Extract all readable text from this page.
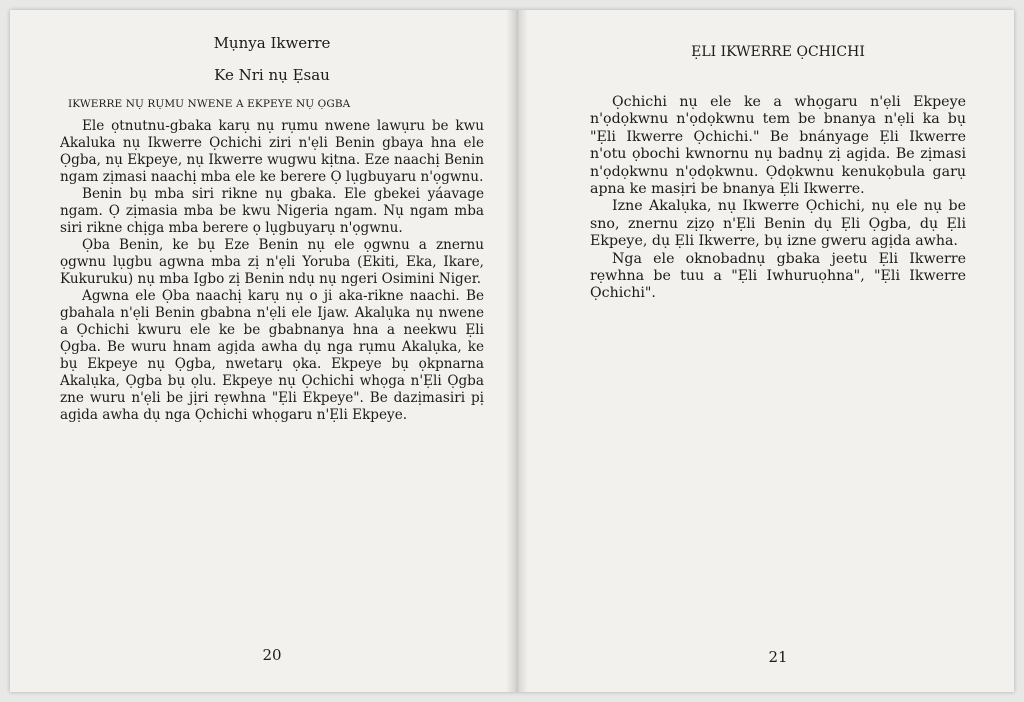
Mụnya Ikwerre
Ke Nri nụ Ẹsau
IKWERRE NỤ RỤMU NWENE A EKPEYE NỤ ỌGBA

Ele ọtnutnu-gbaka karụ nụ rụmu nwene lawụru be kwu Akaluka nụ Ikwerre Ọchichi ziri n'ẹli Benin gbaya hna ele Ọgba, nụ Ekpeye, nụ Ikwerre wugwu kịtna. Eze naachị Benin ngam zịmasi naachị mba ele ke berere Ọ lụgbuyaru n'ọgwnu.

Benin bụ mba siri rikne nụ gbaka. Ele gbekei yáavage ngam. Ọ zịmasia mba be kwu Nigeria ngam. Nụ ngam mba siri rikne chịga mba berere ọ lụgbuyarụ n'ọgwnu.

Ọba Benin, ke bụ Eze Benin nụ ele ọgwnu a znernu ọgwnu lụgbu agwna mba zị n'ẹli Yoruba (Ekiti, Eka, Ikare, Kukuruku) nụ mba Igbo zị Benin ndụ nụ ngeri Osimini Niger.

Agwna ele Ọba naachị karụ nụ o ji aka-rikne naachi. Be gbahala n'ẹli Benin gbabna n'ẹli ele Ijaw. Akalụka nụ nwene a Ọchichi kwuru ele ke be gbabnanya hna a neekwu Ẹli Ọgba. Be wuru hnam agịda awha dụ nga rụmu Akalụka, ke bụ Ekpeye nụ Ọgba, nwetarụ ọka. Ekpeye bụ ọkpnarna Akalụka, Ọgba bụ ọlu. Ekpeye nụ Ọchichi whọga n'Ẹli Ọgba zne wuru n'ẹli be jịri rẹwhna "Ẹli Ekpeye". Be dazịmasiri pị agịda awha dụ nga Ọchichi whọgaru n'Ẹli Ekpeye.

20
ẸLI IKWERRE ỌCHICHI

Ọchichi nụ ele ke a whọgaru n'ẹli Ekpeye n'ọdọkwnu n'ọdọkwnu tem be bnanya n'ẹli ka bụ "Ẹli Ikwerre Ọchichi." Be bnányage Ẹli Ikwerre n'otu ọbochi kwnornu nụ badnụ zị agịda. Be zịmasi n'ọdọkwnu n'ọdọkwnu. Ọdọkwnu kenukọbula garụ apna ke masịri be bnanya Ẹli Ikwerre.

Izne Akalụka, nụ Ikwerre Ọchichi, nụ ele nụ be sno, znernu zịzọ n'Ẹli Benin dụ Ẹli Ọgba, dụ Ẹli Ekpeye, dụ Ẹli Ikwerre, bụ izne gweru agịda awha.

Nga ele oknobadnụ gbaka jeetu Ẹli Ikwerre rẹwhna be tuu a "Ẹli Iwhuruọhna", "Ẹli Ikwerre Ọchichi".

21
